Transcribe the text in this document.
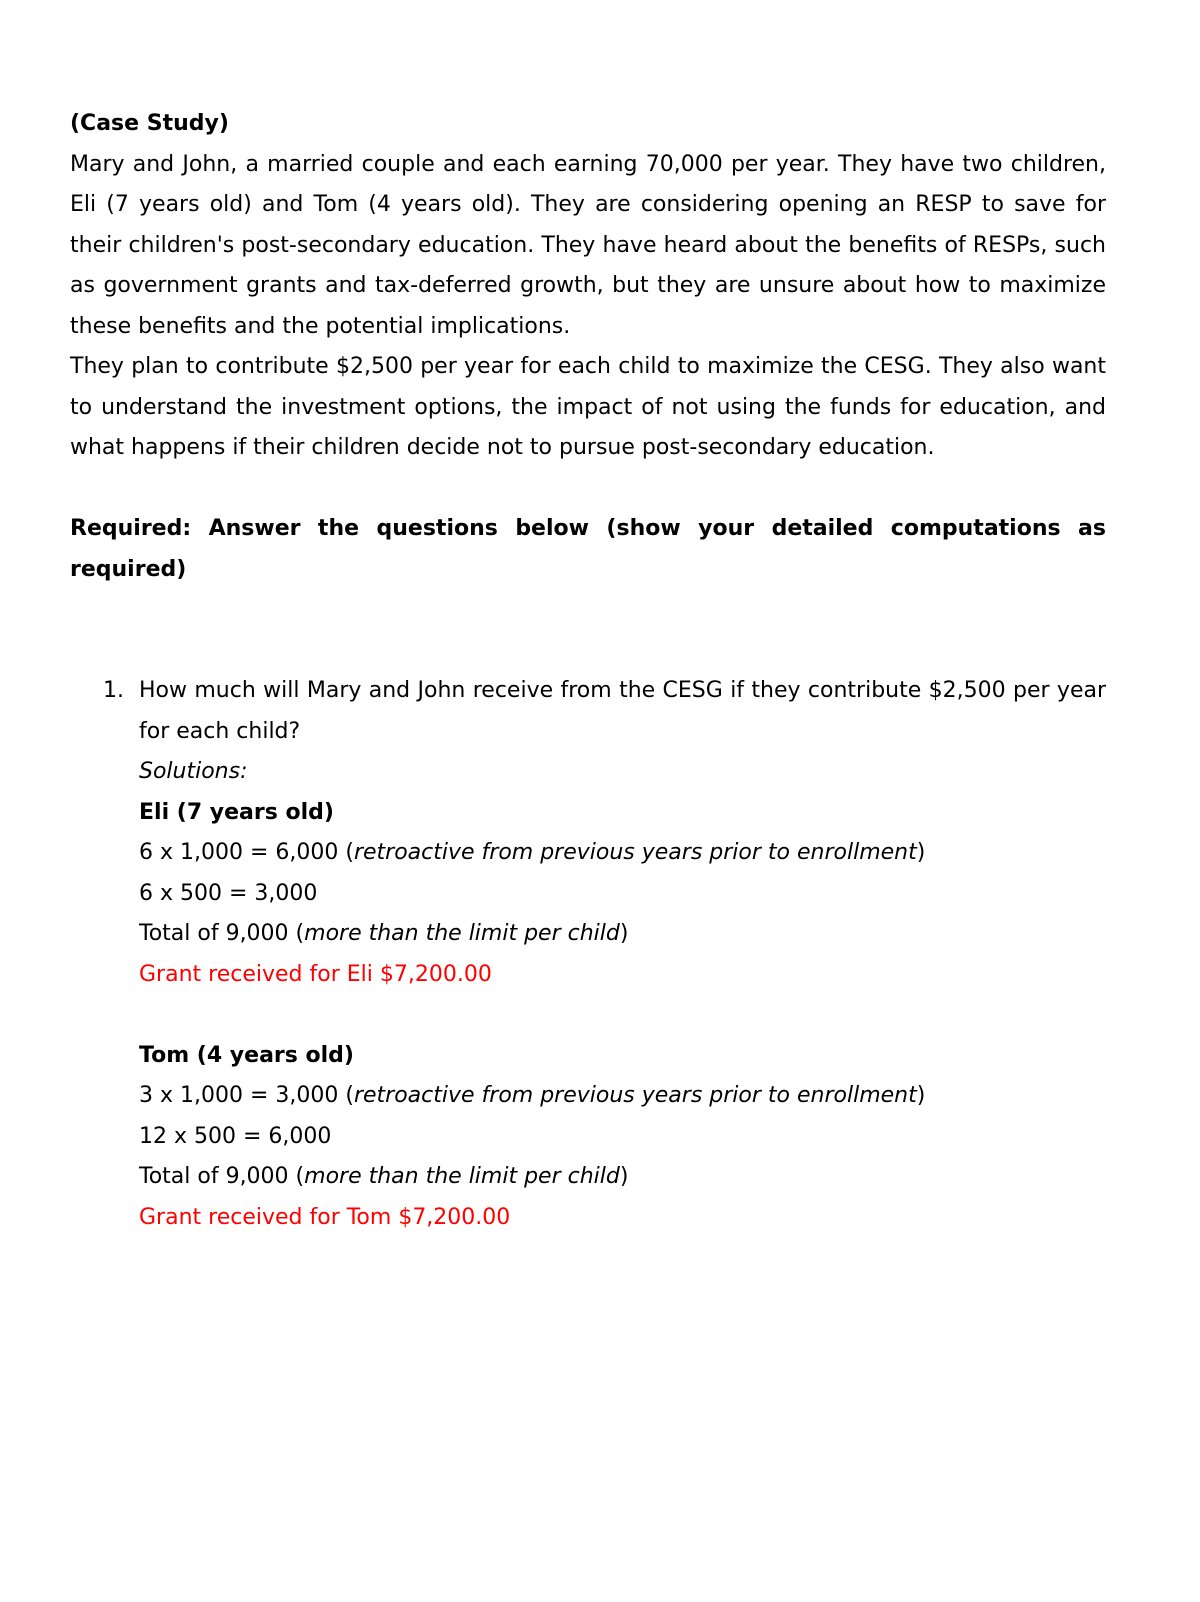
(Case Study)
Mary and John, a married couple and each earning 70,000 per year. They have two children, Eli (7 years old) and Tom (4 years old). They are considering opening an RESP to save for their children's post-secondary education. They have heard about the benefits of RESPs, such as government grants and tax-deferred growth, but they are unsure about how to maximize these benefits and the potential implications.
They plan to contribute $2,500 per year for each child to maximize the CESG. They also want to understand the investment options, the impact of not using the funds for education, and what happens if their children decide not to pursue post-secondary education.
Required: Answer the questions below (show your detailed computations as required)
1. How much will Mary and John receive from the CESG if they contribute $2,500 per year for each child?
Solutions:
Eli (7 years old)
6 x 1,000 = 6,000 (retroactive from previous years prior to enrollment)
6 x 500 = 3,000
Total of 9,000 (more than the limit per child)
Grant received for Eli $7,200.00
Tom (4 years old)
3 x 1,000 = 3,000 (retroactive from previous years prior to enrollment)
12 x 500 = 6,000
Total of 9,000 (more than the limit per child)
Grant received for Tom $7,200.00
